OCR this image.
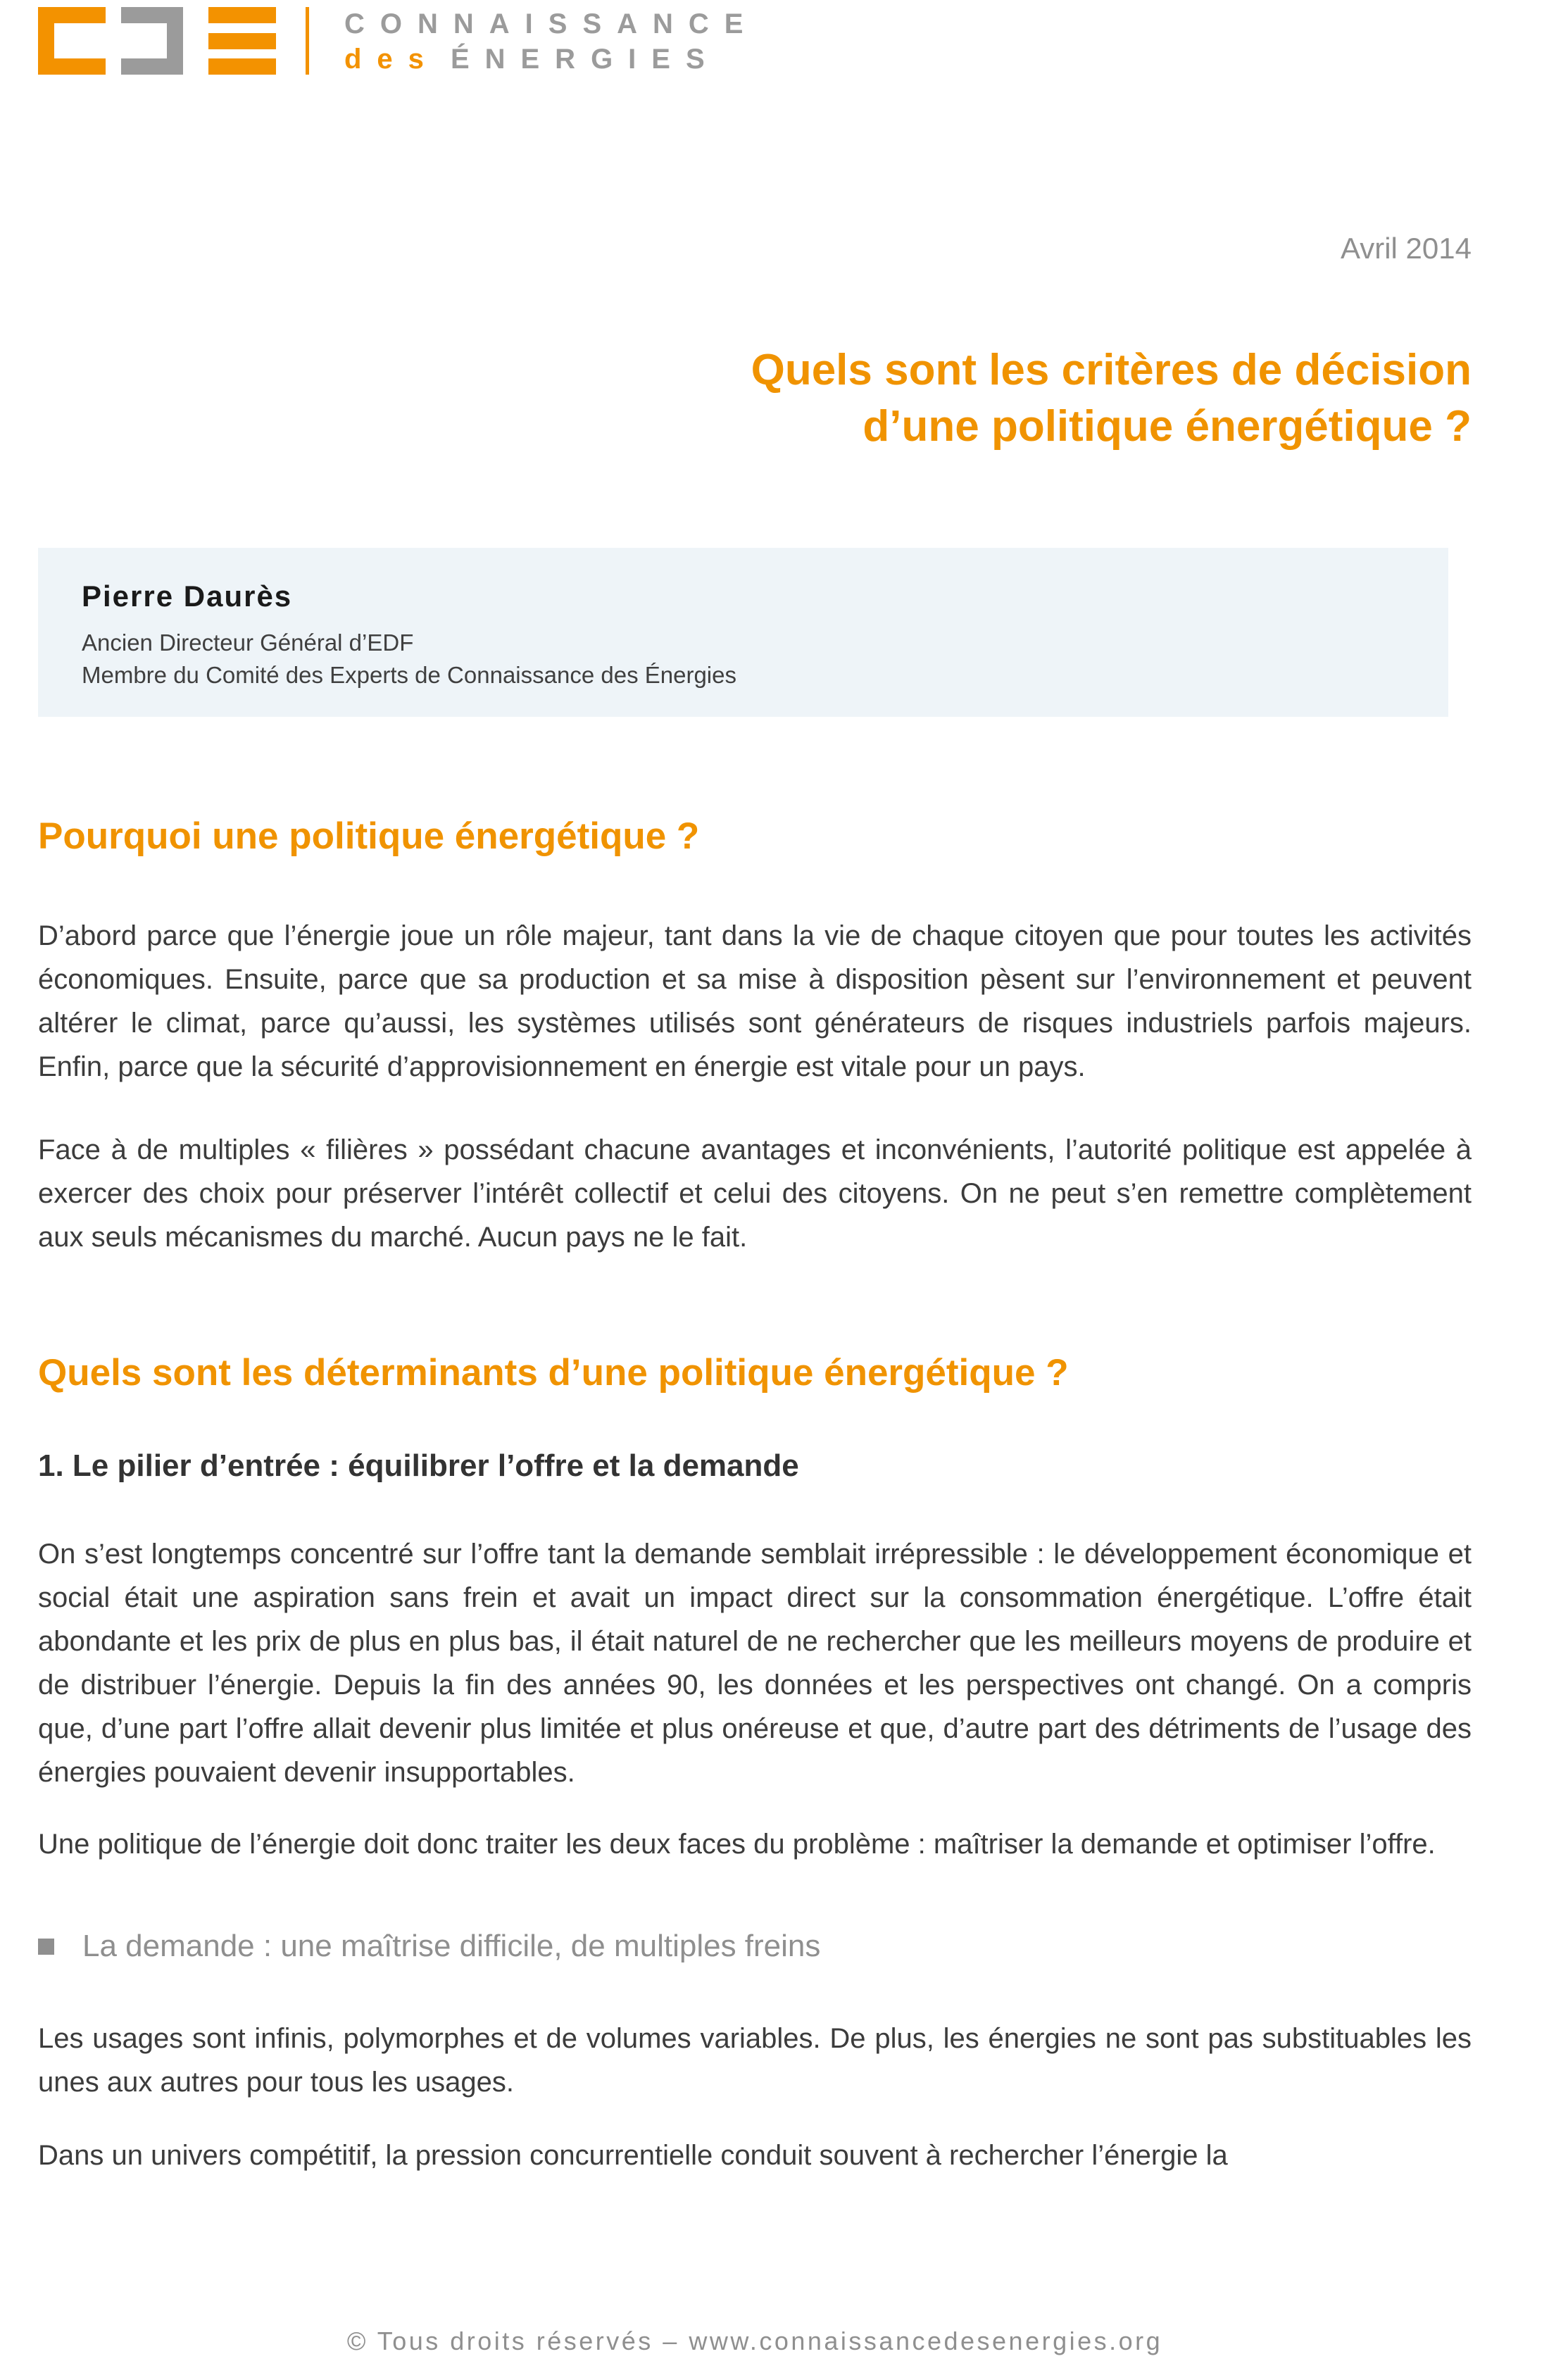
CONNAISSANCE
des ÉNERGIES
Avril 2014
Quels sont les critères de décision
d’une politique énergétique ?
Pierre Daurès
Ancien Directeur Général d’EDF
Membre du Comité des Experts de Connaissance des Énergies
Pourquoi une politique énergétique ?

D’abord parce que l’énergie joue un rôle majeur, tant dans la vie de chaque citoyen que pour toutes les activités économiques. Ensuite, parce que sa production et sa mise à disposition pèsent sur l’environnement et peuvent altérer le climat, parce qu’aussi, les systèmes utilisés sont générateurs de risques industriels parfois majeurs. Enfin, parce que la sécurité d’approvisionnement en énergie est vitale pour un pays.

Face à de multiples « filières » possédant chacune avantages et inconvénients, l’autorité politique est appelée à exercer des choix pour préserver l’intérêt collectif et celui des citoyens. On ne peut s’en remettre complètement aux seuls mécanismes du marché. Aucun pays ne le fait.

Quels sont les déterminants d’une politique énergétique ?
1. Le pilier d’entrée : équilibrer l’offre et la demande

On s’est longtemps concentré sur l’offre tant la demande semblait irrépressible : le développement économique et social était une aspiration sans frein et avait un impact direct sur la consommation énergétique. L’offre était abondante et les prix de plus en plus bas, il était naturel de ne rechercher que les meilleurs moyens de produire et de distribuer l’énergie. Depuis la fin des années 90, les données et les perspectives ont changé. On a compris que, d’une part l’offre allait devenir plus limitée et plus onéreuse et que, d’autre part des détriments de l’usage des énergies pouvaient devenir insupportables.

Une politique de l’énergie doit donc traiter les deux faces du problème : maîtriser la demande et optimiser l’offre.

La demande : une maîtrise difficile, de multiples freins

Les usages sont infinis, polymorphes et de volumes variables. De plus, les énergies ne sont pas substituables les unes aux autres pour tous les usages.

Dans un univers compétitif, la pression concurrentielle conduit souvent à rechercher l’énergie la

© Tous droits réservés – www.connaissancedesenergies.org
